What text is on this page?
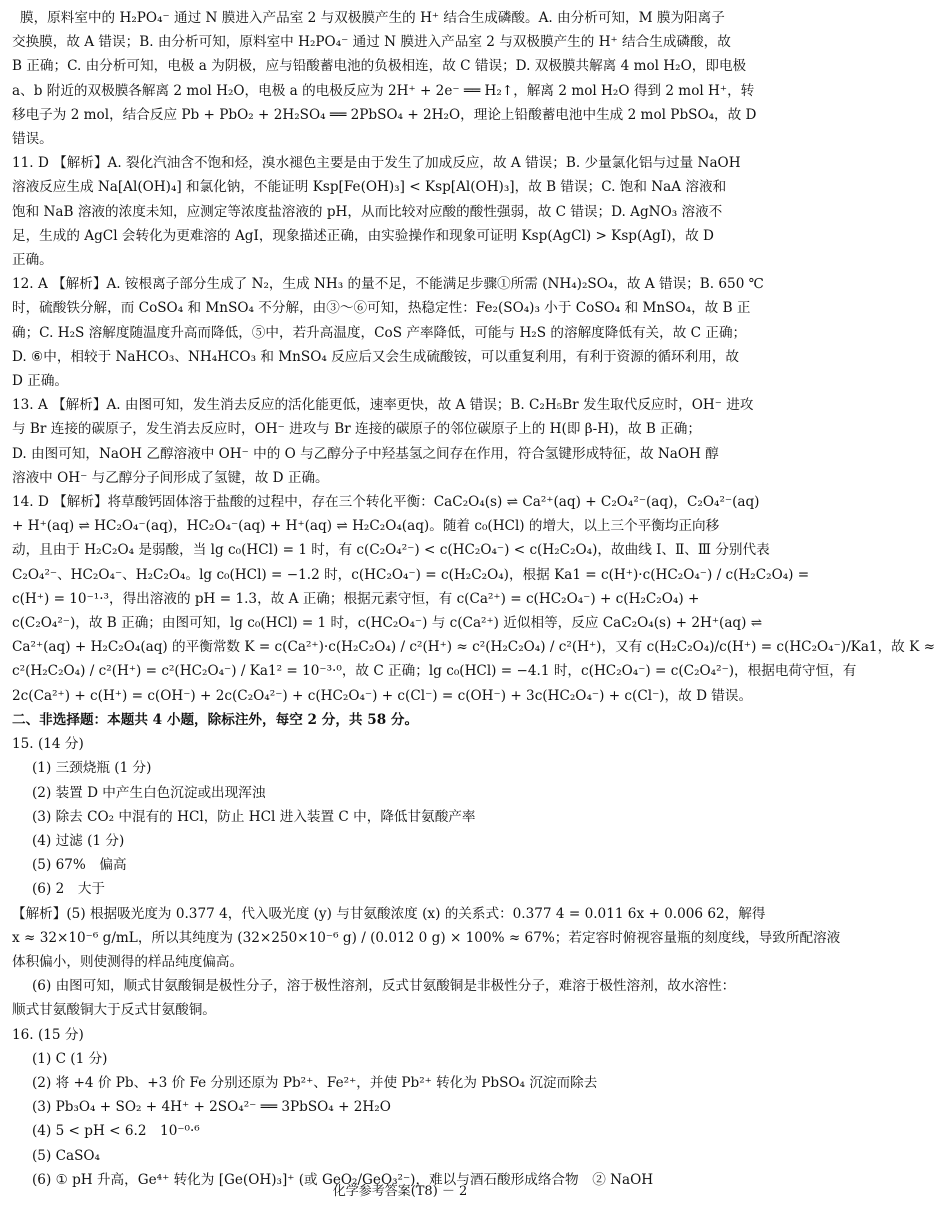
膜，原料室中的 H₂PO₄⁻ 通过 N 膜进入产品室 2 与双极膜产生的 H⁺ 结合生成磷酸。A. 由分析可知，M 膜为阳离子
交换膜，故 A 错误；B. 由分析可知，原料室中 H₂PO₄⁻ 通过 N 膜进入产品室 2 与双极膜产生的 H⁺ 结合生成磷酸，故
B 正确；C. 由分析可知，电极 a 为阴极，应与铅酸蓄电池的负极相连，故 C 错误；D. 双极膜共解离 4 mol H₂O，即电极
a、b 附近的双极膜各解离 2 mol H₂O，电极 a 的电极反应为 2H⁺ + 2e⁻ ══ H₂↑，解离 2 mol H₂O 得到 2 mol H⁺，转
移电子为 2 mol，结合反应 Pb + PbO₂ + 2H₂SO₄ ══ 2PbSO₄ + 2H₂O，理论上铅酸蓄电池中生成 2 mol PbSO₄，故 D
错误。
11. D 【解析】A. 裂化汽油含不饱和烃，溴水褪色主要是由于发生了加成反应，故 A 错误；B. 少量氯化铝与过量 NaOH
溶液反应生成 Na[Al(OH)₄] 和氯化钠，不能证明 Ksp[Fe(OH)₃] < Ksp[Al(OH)₃]，故 B 错误；C. 饱和 NaA 溶液和
饱和 NaB 溶液的浓度未知，应测定等浓度盐溶液的 pH，从而比较对应酸的酸性强弱，故 C 错误；D. AgNO₃ 溶液不
足，生成的 AgCl 会转化为更难溶的 AgI，现象描述正确，由实验操作和现象可证明 Ksp(AgCl) > Ksp(AgI)，故 D
正确。
12. A 【解析】A. 铵根离子部分生成了 N₂，生成 NH₃ 的量不足，不能满足步骤①所需 (NH₄)₂SO₄，故 A 错误；B. 650 ℃
时，硫酸铁分解，而 CoSO₄ 和 MnSO₄ 不分解，由③～⑥可知，热稳定性：Fe₂(SO₄)₃ 小于 CoSO₄ 和 MnSO₄，故 B 正
确；C. H₂S 溶解度随温度升高而降低，⑤中，若升高温度，CoS 产率降低，可能与 H₂S 的溶解度降低有关，故 C 正确；
D. ⑥中，相较于 NaHCO₃、NH₄HCO₃ 和 MnSO₄ 反应后又会生成硫酸铵，可以重复利用，有利于资源的循环利用，故
D 正确。
13. A 【解析】A. 由图可知，发生消去反应的活化能更低，速率更快，故 A 错误；B. C₂H₅Br 发生取代反应时，OH⁻ 进攻
与 Br 连接的碳原子，发生消去反应时，OH⁻ 进攻与 Br 连接的碳原子的邻位碳原子上的 H(即 β-H)，故 B 正确；
D. 由图可知，NaOH 乙醇溶液中 OH⁻ 中的 O 与乙醇分子中羟基氢之间存在作用，符合氢键形成特征，故 NaOH 醇
溶液中 OH⁻ 与乙醇分子间形成了氢键，故 D 正确。
14. D 【解析】将草酸钙固体溶于盐酸的过程中，存在三个转化平衡：CaC₂O₄(s) ⇌ Ca²⁺(aq) + C₂O₄²⁻(aq)，C₂O₄²⁻(aq)
+ H⁺(aq) ⇌ HC₂O₄⁻(aq)，HC₂O₄⁻(aq) + H⁺(aq) ⇌ H₂C₂O₄(aq)。随着 c₀(HCl) 的增大，以上三个平衡均正向移
动，且由于 H₂C₂O₄ 是弱酸，当 lg c₀(HCl) = 1 时，有 c(C₂O₄²⁻) < c(HC₂O₄⁻) < c(H₂C₂O₄)，故曲线 Ⅰ、Ⅱ、Ⅲ 分别代表
C₂O₄²⁻、HC₂O₄⁻、H₂C₂O₄。lg c₀(HCl) = −1.2 时，c(HC₂O₄⁻) = c(H₂C₂O₄)，根据 Ka1 = c(H⁺)·c(HC₂O₄⁻) / c(H₂C₂O₄) =
c(H⁺) = 10⁻¹·³，得出溶液的 pH = 1.3，故 A 正确；根据元素守恒，有 c(Ca²⁺) = c(HC₂O₄⁻) + c(H₂C₂O₄) +
c(C₂O₄²⁻)，故 B 正确；由图可知，lg c₀(HCl) = 1 时，c(HC₂O₄⁻) 与 c(Ca²⁺) 近似相等，反应 CaC₂O₄(s) + 2H⁺(aq) ⇌
Ca²⁺(aq) + H₂C₂O₄(aq) 的平衡常数 K = c(Ca²⁺)·c(H₂C₂O₄) / c²(H⁺) ≈ c²(H₂C₂O₄) / c²(H⁺)，又有 c(H₂C₂O₄)/c(H⁺) = c(HC₂O₄⁻)/Ka1，故 K ≈
c²(H₂C₂O₄) / c²(H⁺) = c²(HC₂O₄⁻) / Ka1² = 10⁻³·⁰，故 C 正确；lg c₀(HCl) = −4.1 时，c(HC₂O₄⁻) = c(C₂O₄²⁻)，根据电荷守恒，有
2c(Ca²⁺) + c(H⁺) = c(OH⁻) + 2c(C₂O₄²⁻) + c(HC₂O₄⁻) + c(Cl⁻) = c(OH⁻) + 3c(HC₂O₄⁻) + c(Cl⁻)，故 D 错误。
二、非选择题：本题共 4 小题，除标注外，每空 2 分，共 58 分。
15. (14 分)
(1) 三颈烧瓶 (1 分)
(2) 装置 D 中产生白色沉淀或出现浑浊
(3) 除去 CO₂ 中混有的 HCl，防止 HCl 进入装置 C 中，降低甘氨酸产率
(4) 过滤 (1 分)
(5) 67%　偏高
(6) 2　大于
【解析】(5) 根据吸光度为 0.377 4，代入吸光度 (y) 与甘氨酸浓度 (x) 的关系式：0.377 4 = 0.011 6x + 0.006 62，解得
x ≈ 32×10⁻⁶ g/mL，所以其纯度为 (32×250×10⁻⁶ g) / (0.012 0 g) × 100% ≈ 67%；若定容时俯视容量瓶的刻度线，导致所配溶液
体积偏小，则使测得的样品纯度偏高。
(6) 由图可知，顺式甘氨酸铜是极性分子，溶于极性溶剂，反式甘氨酸铜是非极性分子，难溶于极性溶剂，故水溶性：
顺式甘氨酸铜大于反式甘氨酸铜。
16. (15 分)
(1) C (1 分)
(2) 将 +4 价 Pb、+3 价 Fe 分别还原为 Pb²⁺、Fe²⁺，并使 Pb²⁺ 转化为 PbSO₄ 沉淀而除去
(3) Pb₃O₄ + SO₂ + 4H⁺ + 2SO₄²⁻ ══ 3PbSO₄ + 2H₂O
(4) 5 < pH < 6.2　10⁻⁰·⁶
(5) CaSO₄
(6) ① pH 升高，Ge⁴⁺ 转化为 [Ge(OH)₃]⁺ (或 GeO₂/GeO₃²⁻)，难以与酒石酸形成络合物　② NaOH
化学参考答案(T8) － 2
